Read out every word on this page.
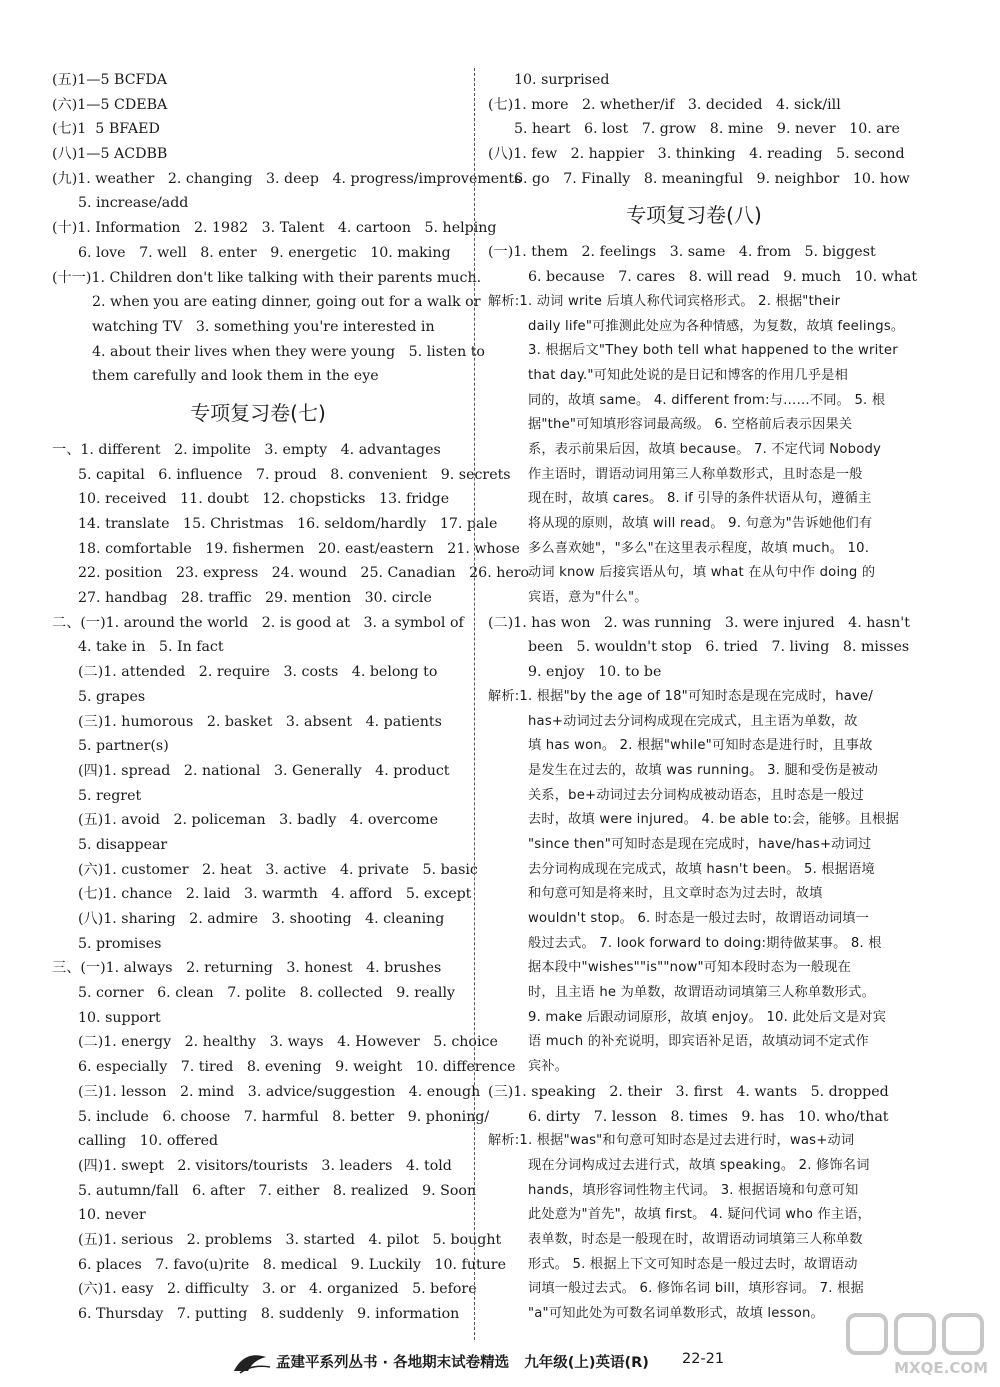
(五)1—5 BCFDA
(六)1—5 CDEBA
(七)1  5 BFAED
(八)1—5 ACDBB
(九)1. weather   2. changing   3. deep   4. progress/improvements
5. increase/add
(十)1. Information   2. 1982   3. Talent   4. cartoon   5. helping
6. love   7. well   8. enter   9. energetic   10. making
(十一)1. Children don't like talking with their parents much.
2. when you are eating dinner, going out for a walk or
watching TV   3. something you're interested in
4. about their lives when they were young   5. listen to
them carefully and look them in the eye
专项复习卷(七)
一、1. different   2. impolite   3. empty   4. advantages
5. capital   6. influence   7. proud   8. convenient   9. secrets
10. received   11. doubt   12. chopsticks   13. fridge
14. translate   15. Christmas   16. seldom/hardly   17. pale
18. comfortable   19. fishermen   20. east/eastern   21. whose
22. position   23. express   24. wound   25. Canadian   26. hero
27. handbag   28. traffic   29. mention   30. circle
二、(一)1. around the world   2. is good at   3. a symbol of
4. take in   5. In fact
(二)1. attended   2. require   3. costs   4. belong to
5. grapes
(三)1. humorous   2. basket   3. absent   4. patients
5. partner(s)
(四)1. spread   2. national   3. Generally   4. product
5. regret
(五)1. avoid   2. policeman   3. badly   4. overcome
5. disappear
(六)1. customer   2. heat   3. active   4. private   5. basic
(七)1. chance   2. laid   3. warmth   4. afford   5. except
(八)1. sharing   2. admire   3. shooting   4. cleaning
5. promises
三、(一)1. always   2. returning   3. honest   4. brushes
5. corner   6. clean   7. polite   8. collected   9. really
10. support
(二)1. energy   2. healthy   3. ways   4. However   5. choice
6. especially   7. tired   8. evening   9. weight   10. difference
(三)1. lesson   2. mind   3. advice/suggestion   4. enough
5. include   6. choose   7. harmful   8. better   9. phoning/
calling   10. offered
(四)1. swept   2. visitors/tourists   3. leaders   4. told
5. autumn/fall   6. after   7. either   8. realized   9. Soon
10. never
(五)1. serious   2. problems   3. started   4. pilot   5. bought
6. places   7. favo(u)rite   8. medical   9. Luckily   10. future
(六)1. easy   2. difficulty   3. or   4. organized   5. before
6. Thursday   7. putting   8. suddenly   9. information
10. surprised
(七)1. more   2. whether/if   3. decided   4. sick/ill
5. heart   6. lost   7. grow   8. mine   9. never   10. are
(八)1. few   2. happier   3. thinking   4. reading   5. second
6. go   7. Finally   8. meaningful   9. neighbor   10. how
专项复习卷(八)
(一)1. them   2. feelings   3. same   4. from   5. biggest
6. because   7. cares   8. will read   9. much   10. what
解析:1. 动词 write 后填人称代词宾格形式。 2. 根据"their
daily life"可推测此处应为各种情感，为复数，故填 feelings。
3. 根据后文"They both tell what happened to the writer
that day."可知此处说的是日记和博客的作用几乎是相
同的，故填 same。 4. different from:与……不同。 5. 根
据"the"可知填形容词最高级。 6. 空格前后表示因果关
系，表示前果后因，故填 because。 7. 不定代词 Nobody
作主语时，谓语动词用第三人称单数形式，且时态是一般
现在时，故填 cares。 8. if 引导的条件状语从句，遵循主
将从现的原则，故填 will read。 9. 句意为"告诉她他们有
多么喜欢她"，"多么"在这里表示程度，故填 much。 10.
动词 know 后接宾语从句，填 what 在从句中作 doing 的
宾语，意为"什么"。
(二)1. has won   2. was running   3. were injured   4. hasn't
been   5. wouldn't stop   6. tried   7. living   8. misses
9. enjoy   10. to be
解析:1. 根据"by the age of 18"可知时态是现在完成时，have/
has+动词过去分词构成现在完成式，且主语为单数，故
填 has won。 2. 根据"while"可知时态是进行时，且事故
是发生在过去的，故填 was running。 3. 腿和受伤是被动
关系，be+动词过去分词构成被动语态，且时态是一般过
去时，故填 were injured。 4. be able to:会，能够。且根据
"since then"可知时态是现在完成时，have/has+动词过
去分词构成现在完成式，故填 hasn't been。 5. 根据语境
和句意可知是将来时，且文章时态为过去时，故填
wouldn't stop。 6. 时态是一般过去时，故谓语动词填一
般过去式。 7. look forward to doing:期待做某事。 8. 根
据本段中"wishes""is""now"可知本段时态为一般现在
时，且主语 he 为单数，故谓语动词填第三人称单数形式。
9. make 后跟动词原形，故填 enjoy。 10. 此处后文是对宾
语 much 的补充说明，即宾语补足语，故填动词不定式作
宾补。
(三)1. speaking   2. their   3. first   4. wants   5. dropped
6. dirty   7. lesson   8. times   9. has   10. who/that
解析:1. 根据"was"和句意可知时态是过去进行时，was+动词
现在分词构成过去进行式，故填 speaking。 2. 修饰名词
hands，填形容词性物主代词。 3. 根据语境和句意可知
此处意为"首先"，故填 first。 4. 疑问代词 who 作主语，
表单数，时态是一般现在时，故谓语动词填第三人称单数
形式。 5. 根据上下文可知时态是一般过去时，故谓语动
词填一般过去式。 6. 修饰名词 bill，填形容词。 7. 根据
"a"可知此处为可数名词单数形式，故填 lesson。
孟建平系列丛书 · 各地期末试卷精选   九年级(上)英语(R) 22-21	MXQE.COM
